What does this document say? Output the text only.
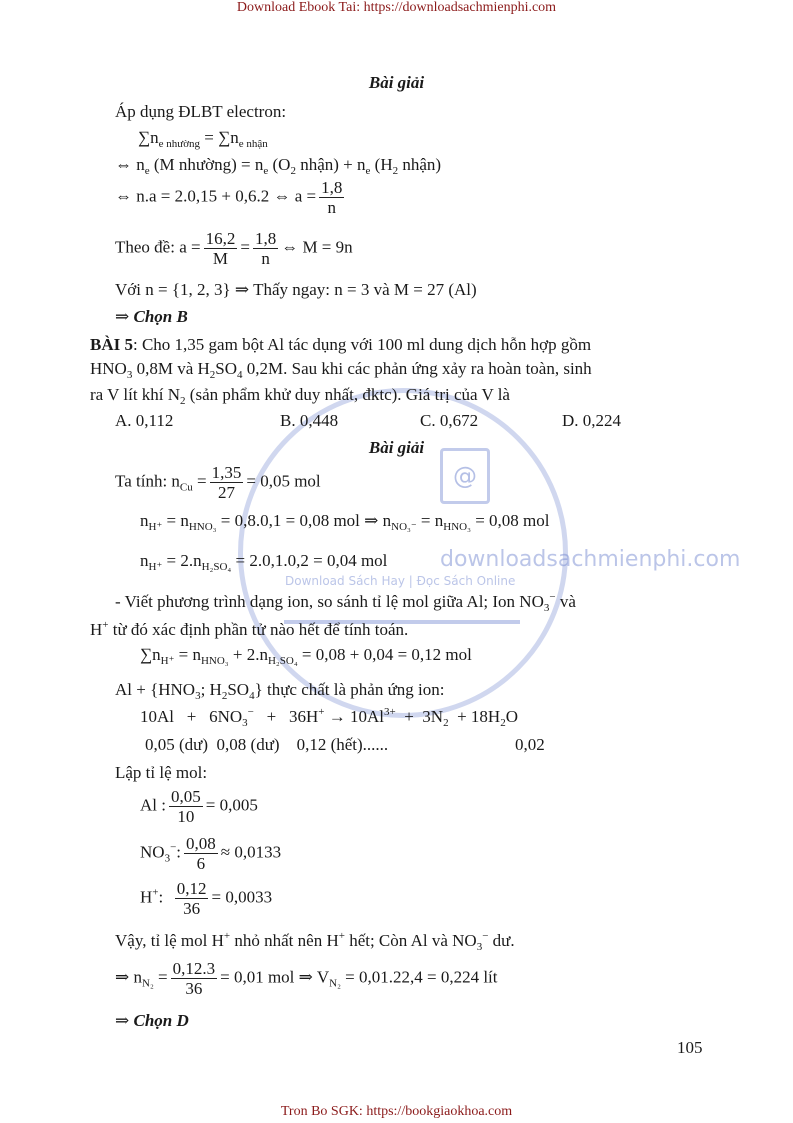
Download Ebook Tai: https://downloadsachmienphi.com
@
downloadsachmienphi.com
Download Sách Hay | Đọc Sách Online
Bài giải
Áp dụng ĐLBT electron:
$\sum n_{e nhường} = \sum n_{e nhận}$
⇔ $n_e$ (M nhường) = $n_e$ ($O_2$ nhận) + $n_e$ ($H_2$ nhận)
⇔ n.a = 2.0,15 + 0,6.2 ⇔ $a = \frac{1,8}{n}$
Theo đề: $a = \frac{16,2}{M} = \frac{1,8}{n}$ ⇔ M = 9n
Với n = {1, 2, 3} ⇒ Thấy ngay: n = 3 và M = 27 (Al)
⇒ Chọn B
BÀI 5: Cho 1,35 gam bột Al tác dụng với 100 ml dung dịch hỗn hợp gồm
$HNO_3$ 0,8M và $H_2SO_4$ 0,2M. Sau khi các phản ứng xảy ra hoàn toàn, sinh
ra V lít khí $N_2$ (sản phẩm khử duy nhất, đktc). Giá trị của V là
A. 0,112	B. 0,448	C. 0,672	D. 0,224
Bài giải
Ta tính: $n_{Cu} = \frac{1,35}{27} = 0,05$ mol
$n_{H^+} = n_{HNO_3} = 0,8.0,1 = 0,08$ mol ⇒ $n_{NO_3^-} = n_{HNO_3} = 0,08$ mol
$n_{H^+} = 2.n_{H_2SO_4} = 2.0,1.0,2 = 0,04$ mol
- Viết phương trình dạng ion, so sánh tỉ lệ mol giữa Al; Ion $NO_3^-$ và
H+ từ đó xác định phần tử nào hết để tính toán.
$\sum n_{H^+} = n_{HNO_3} + 2.n_{H_2SO_4} = 0,08 + 0,04 = 0,12$ mol
$Al + \{HNO_3$; $H_2SO_4$} thực chất là phản ứng ion:
$10Al + 6NO_3^- + 36H^+ \to 10Al^{3+} + 3N_2 + 18H_2O$
0,05 (dư)  0,08 (dư)    0,12 (hết)......	0,02
Lập tỉ lệ mol:
Al : $\frac{0,05}{10} = 0,005$
$NO_3^-$: $\frac{0,08}{6} \approx 0,0133$
H+: $\frac{0,12}{36} = 0,0033$
Vậy, tỉ lệ mol H+ nhỏ nhất nên H+ hết; Còn Al và $NO_3^-$ dư.
⇒ $n_{N_2} = \frac{0,12.3}{36} = 0,01$ mol ⇒ $V_{N_2} = 0,01.22,4 = 0,224$ lít
⇒ Chọn D
105
Tron Bo SGK: https://bookgiaokhoa.com
